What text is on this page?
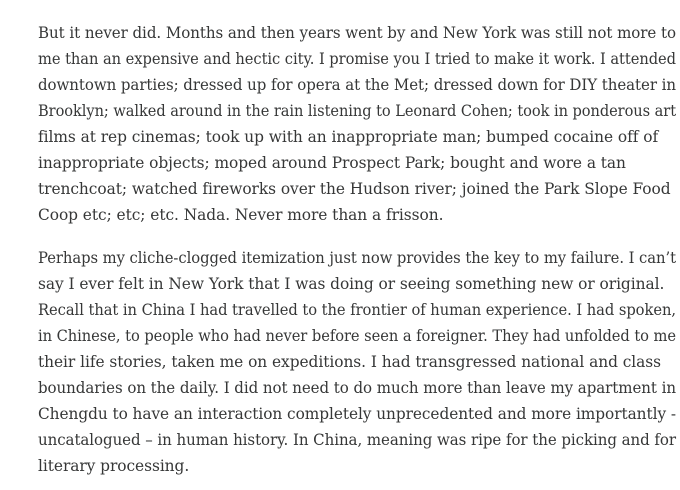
But it never did. Months and then years went by and New York was still not more to
me than an expensive and hectic city. I promise you I tried to make it work. I attended
downtown parties; dressed up for opera at the Met; dressed down for DIY theater in
Brooklyn; walked around in the rain listening to Leonard Cohen; took in ponderous art
films at rep cinemas; took up with an inappropriate man; bumped cocaine off of
inappropriate objects; moped around Prospect Park; bought and wore a tan
trenchcoat; watched fireworks over the Hudson river; joined the Park Slope Food
Coop etc; etc; etc. Nada. Never more than a frisson.

Perhaps my cliche-clogged itemization just now provides the key to my failure. I can’t
say I ever felt in New York that I was doing or seeing something new or original.
Recall that in China I had travelled to the frontier of human experience. I had spoken,
in Chinese, to people who had never before seen a foreigner. They had unfolded to me
their life stories, taken me on expeditions. I had transgressed national and class
boundaries on the daily. I did not need to do much more than leave my apartment in
Chengdu to have an interaction completely unprecedented and more importantly -
uncatalogued – in human history. In China, meaning was ripe for the picking and for
literary processing.
